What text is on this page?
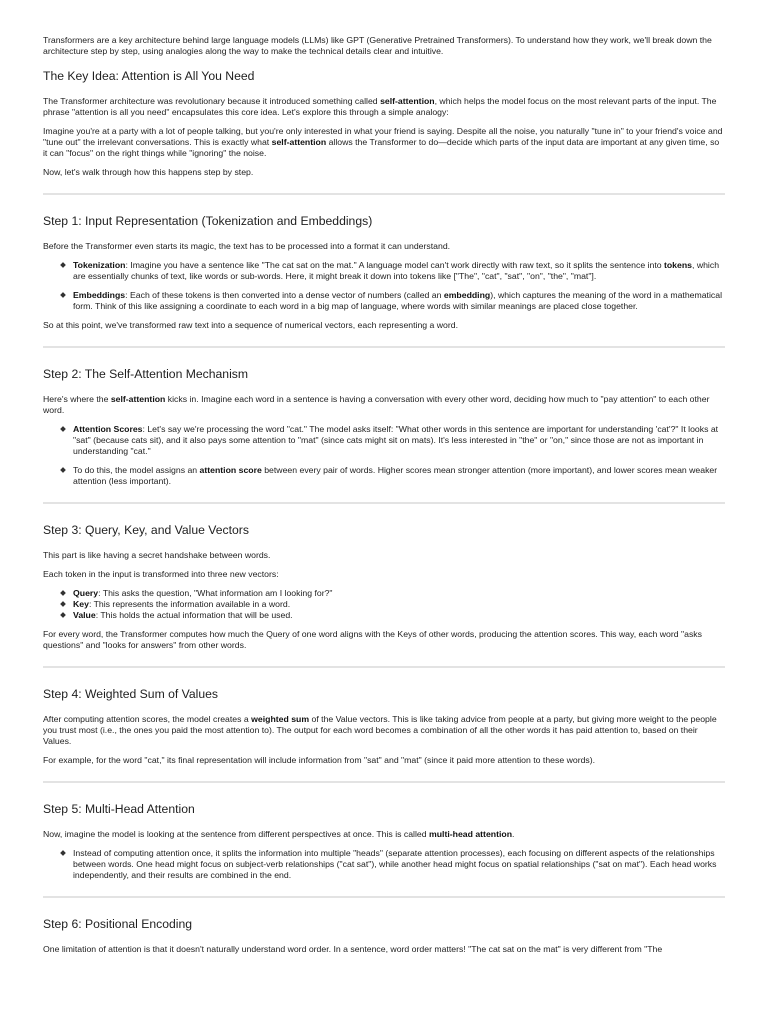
Transformers are a key architecture behind large language models (LLMs) like GPT (Generative Pretrained Transformers). To understand how they work, we'll break down the architecture step by step, using analogies along the way to make the technical details clear and intuitive.

The Key Idea: Attention is All You Need

The Transformer architecture was revolutionary because it introduced something called self-attention, which helps the model focus on the most relevant parts of the input. The phrase "attention is all you need" encapsulates this core idea. Let's explore this through a simple analogy:

Imagine you're at a party with a lot of people talking, but you're only interested in what your friend is saying. Despite all the noise, you naturally "tune in" to your friend's voice and "tune out" the irrelevant conversations. This is exactly what self-attention allows the Transformer to do—decide which parts of the input data are important at any given time, so it can "focus" on the right things while "ignoring" the noise.

Now, let's walk through how this happens step by step.

Step 1: Input Representation (Tokenization and Embeddings)

Before the Transformer even starts its magic, the text has to be processed into a format it can understand.

Tokenization: Imagine you have a sentence like "The cat sat on the mat." A language model can't work directly with raw text, so it splits the sentence into tokens, which are essentially chunks of text, like words or sub-words. Here, it might break it down into tokens like ["The", "cat", "sat", "on", "the", "mat"].
Embeddings: Each of these tokens is then converted into a dense vector of numbers (called an embedding), which captures the meaning of the word in a mathematical form. Think of this like assigning a coordinate to each word in a big map of language, where words with similar meanings are placed close together.

So at this point, we've transformed raw text into a sequence of numerical vectors, each representing a word.

Step 2: The Self-Attention Mechanism

Here's where the self-attention kicks in. Imagine each word in a sentence is having a conversation with every other word, deciding how much to "pay attention" to each other word.

Attention Scores: Let's say we're processing the word "cat." The model asks itself: "What other words in this sentence are important for understanding 'cat'?" It looks at "sat" (because cats sit), and it also pays some attention to "mat" (since cats might sit on mats). It's less interested in "the" or "on," since those are not as important in understanding "cat."
To do this, the model assigns an attention score between every pair of words. Higher scores mean stronger attention (more important), and lower scores mean weaker attention (less important).
Step 3: Query, Key, and Value Vectors

This part is like having a secret handshake between words.

Each token in the input is transformed into three new vectors:

Query: This asks the question, "What information am I looking for?"
Key: This represents the information available in a word.
Value: This holds the actual information that will be used.

For every word, the Transformer computes how much the Query of one word aligns with the Keys of other words, producing the attention scores. This way, each word "asks questions" and "looks for answers" from other words.

Step 4: Weighted Sum of Values

After computing attention scores, the model creates a weighted sum of the Value vectors. This is like taking advice from people at a party, but giving more weight to the people you trust most (i.e., the ones you paid the most attention to). The output for each word becomes a combination of all the other words it has paid attention to, based on their Values.

For example, for the word "cat," its final representation will include information from "sat" and "mat" (since it paid more attention to these words).

Step 5: Multi-Head Attention

Now, imagine the model is looking at the sentence from different perspectives at once. This is called multi-head attention.

Instead of computing attention once, it splits the information into multiple "heads" (separate attention processes), each focusing on different aspects of the relationships between words. One head might focus on subject-verb relationships ("cat sat"), while another head might focus on spatial relationships ("sat on mat"). Each head works independently, and their results are combined in the end.
Step 6: Positional Encoding

One limitation of attention is that it doesn't naturally understand word order. In a sentence, word order matters! "The cat sat on the mat" is very different from "The
